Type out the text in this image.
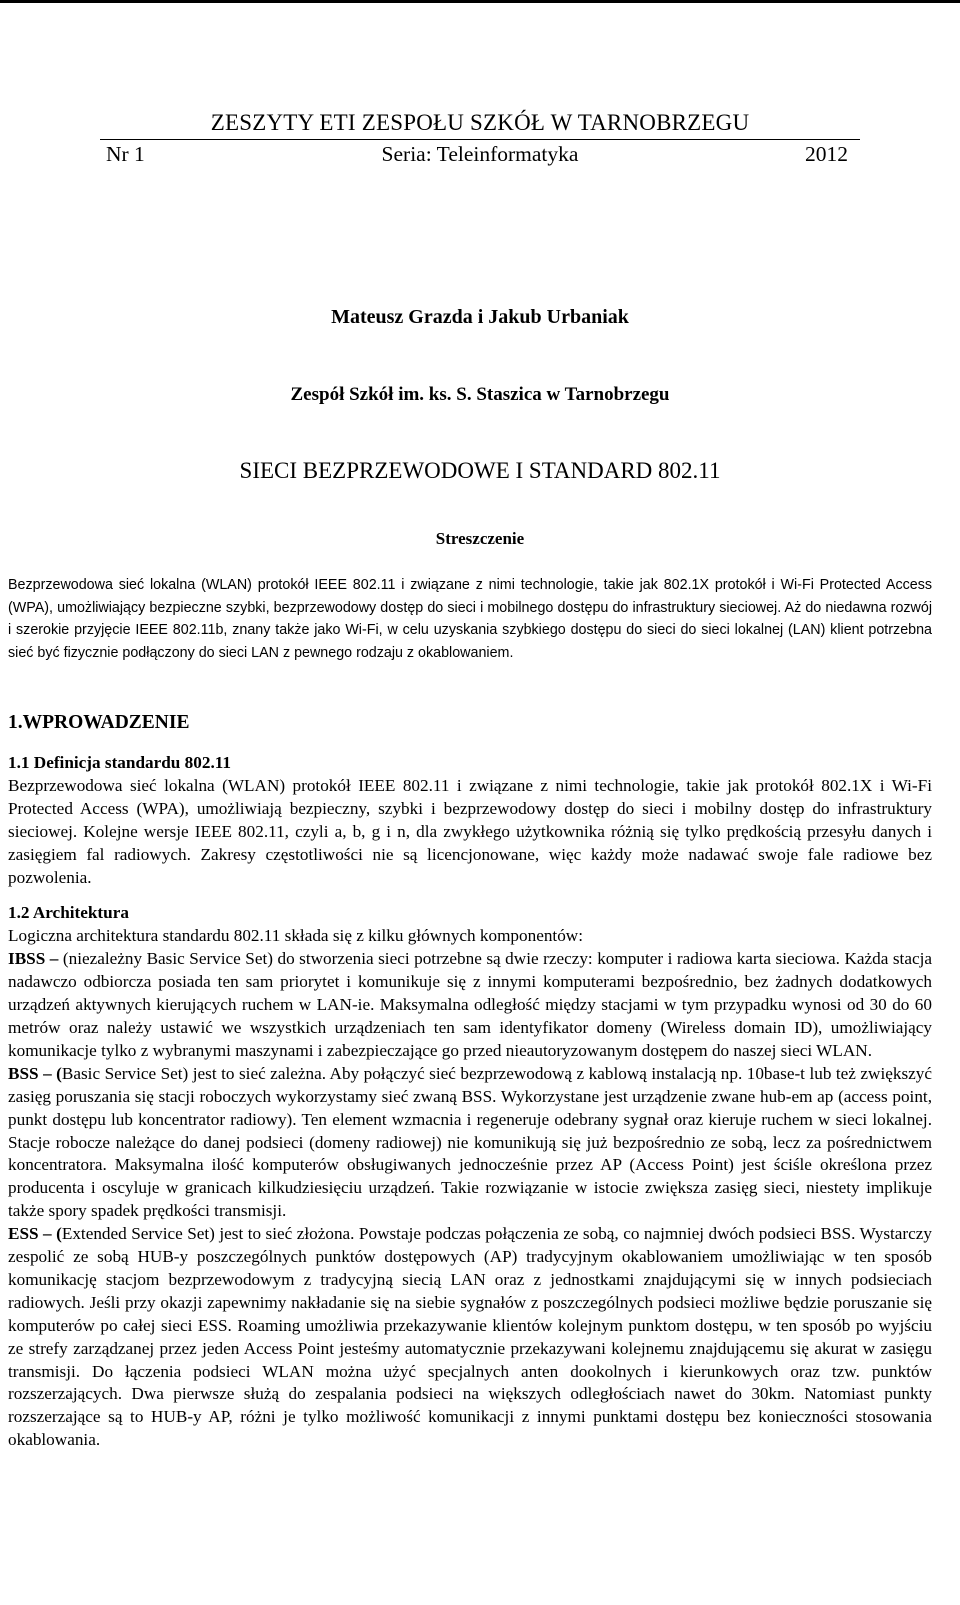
ZESZYTY ETI ZESPOŁU SZKÓŁ W TARNOBRZEGU
Nr 1	Seria: Teleinformatyka	2012
Mateusz Grazda i Jakub Urbaniak
Zespół Szkół im. ks. S. Staszica w Tarnobrzegu
SIECI BEZPRZEWODOWE I STANDARD 802.11
Streszczenie

Bezprzewodowa sieć lokalna (WLAN) protokół IEEE 802.11 i związane z nimi technologie, takie jak 802.1X protokół i Wi-Fi Protected Access (WPA), umożliwiający bezpieczne szybki, bezprzewodowy dostęp do sieci i mobilnego dostępu do infrastruktury sieciowej. Aż do niedawna rozwój i szerokie przyjęcie IEEE 802.11b, znany także jako Wi-Fi, w celu uzyskania szybkiego dostępu do sieci do sieci lokalnej (LAN) klient potrzebna sieć być fizycznie podłączony do sieci LAN z pewnego rodzaju z okablowaniem.

1.WPROWADZENIE
1.1 Definicja standardu 802.11

Bezprzewodowa sieć lokalna (WLAN) protokół IEEE 802.11 i związane z nimi technologie, takie jak protokół 802.1X i Wi-Fi Protected Access (WPA), umożliwiają bezpieczny, szybki i bezprzewodowy dostęp do sieci i mobilny dostęp do infrastruktury sieciowej. Kolejne wersje IEEE 802.11, czyli a, b, g i n, dla zwykłego użytkownika różnią się tylko prędkością przesyłu danych i zasięgiem fal radiowych. Zakresy częstotliwości nie są licencjonowane, więc każdy może nadawać swoje fale radiowe bez pozwolenia.

1.2 Architektura

Logiczna architektura standardu 802.11 składa się z kilku głównych komponentów:

IBSS – (niezależny Basic Service Set) do stworzenia sieci potrzebne są dwie rzeczy: komputer i radiowa karta sieciowa. Każda stacja nadawczo odbiorcza posiada ten sam priorytet i komunikuje się z innymi komputerami bezpośrednio, bez żadnych dodatkowych urządzeń aktywnych kierujących ruchem w LAN-ie. Maksymalna odległość między stacjami w tym przypadku wynosi od 30 do 60 metrów oraz należy ustawić we wszystkich urządzeniach ten sam identyfikator domeny (Wireless domain ID), umożliwiający komunikacje tylko z wybranymi maszynami i zabezpieczające go przed nieautoryzowanym dostępem do naszej sieci WLAN.

BSS – (Basic Service Set) jest to sieć zależna. Aby połączyć sieć bezprzewodową z kablową instalacją np. 10base-t lub też zwiększyć zasięg poruszania się stacji roboczych wykorzystamy sieć zwaną BSS. Wykorzystane jest urządzenie zwane hub-em ap (access point, punkt dostępu lub koncentrator radiowy). Ten element wzmacnia i regeneruje odebrany sygnał oraz kieruje ruchem w sieci lokalnej. Stacje robocze należące do danej podsieci (domeny radiowej) nie komunikują się już bezpośrednio ze sobą, lecz za pośrednictwem koncentratora. Maksymalna ilość komputerów obsługiwanych jednocześnie przez AP (Access Point) jest ściśle określona przez producenta i oscyluje w granicach kilkudziesięciu urządzeń. Takie rozwiązanie w istocie zwiększa zasięg sieci, niestety implikuje także spory spadek prędkości transmisji.

ESS – (Extended Service Set) jest to sieć złożona. Powstaje podczas połączenia ze sobą, co najmniej dwóch podsieci BSS. Wystarczy zespolić ze sobą HUB-y poszczególnych punktów dostępowych (AP) tradycyjnym okablowaniem umożliwiając w ten sposób komunikację stacjom bezprzewodowym z tradycyjną siecią LAN oraz z jednostkami znajdującymi się w innych podsieciach radiowych. Jeśli przy okazji zapewnimy nakładanie się na siebie sygnałów z poszczególnych podsieci możliwe będzie poruszanie się komputerów po całej sieci ESS. Roaming umożliwia przekazywanie klientów kolejnym punktom dostępu, w ten sposób po wyjściu ze strefy zarządzanej przez jeden Access Point jesteśmy automatycznie przekazywani kolejnemu znajdującemu się akurat w zasięgu transmisji. Do łączenia podsieci WLAN można użyć specjalnych anten dookolnych i kierunkowych oraz tzw. punktów rozszerzających. Dwa pierwsze służą do zespalania podsieci na większych odległościach nawet do 30km. Natomiast punkty rozszerzające są to HUB-y AP, różni je tylko możliwość komunikacji z innymi punktami dostępu bez konieczności stosowania okablowania.
